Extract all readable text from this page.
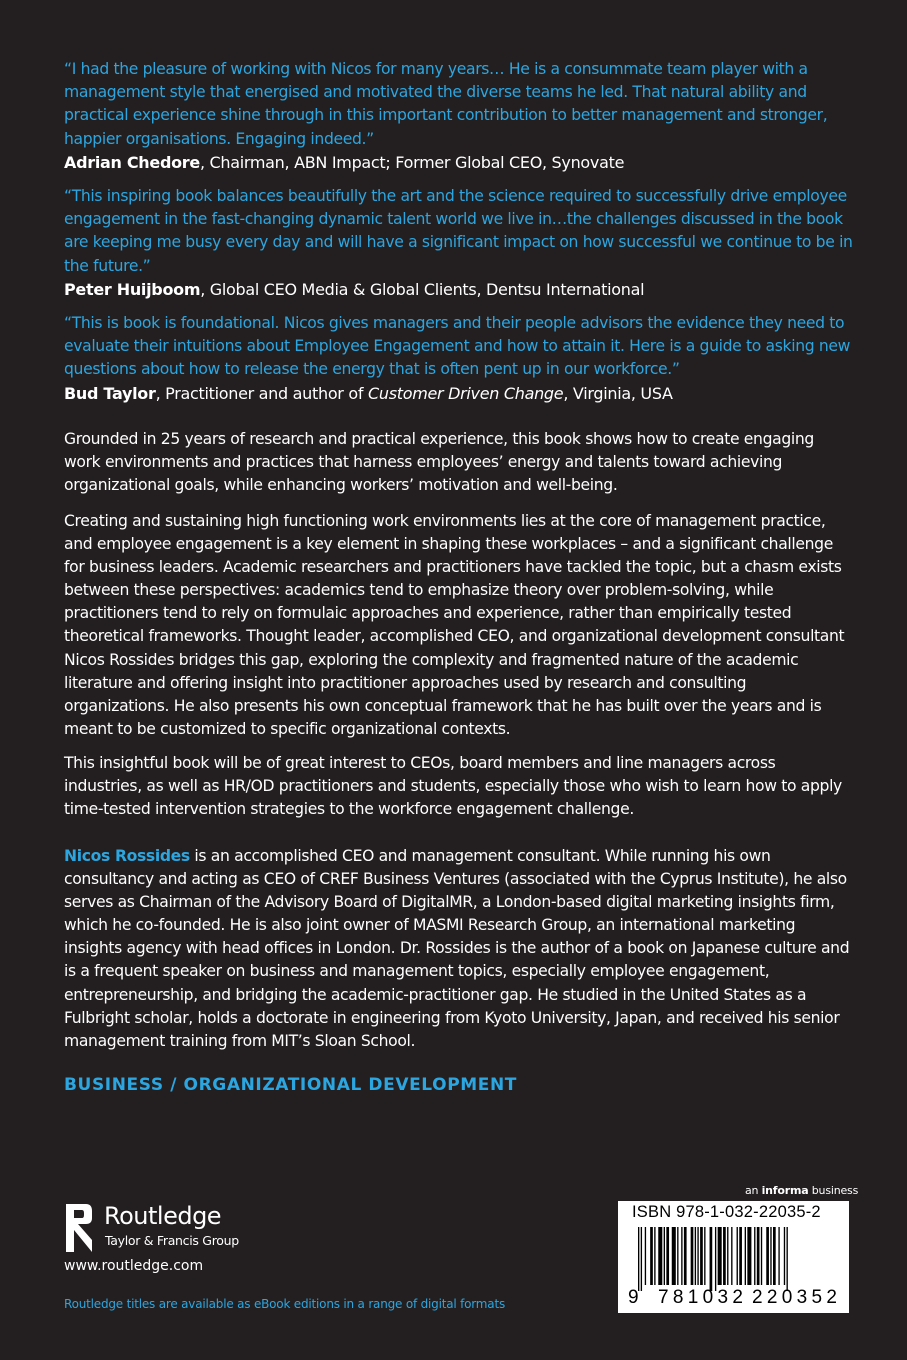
“I had the pleasure of working with Nicos for many years… He is a consummate team player with a management style that energised and motivated the diverse teams he led. That natural ability and practical experience shine through in this important contribution to better management and stronger, happier organisations. Engaging indeed.”

Adrian Chedore, Chairman, ABN Impact; Former Global CEO, Synovate

“This inspiring book balances beautifully the art and the science required to successfully drive employee engagement in the fast-changing dynamic talent world we live in…the challenges discussed in the book are keeping me busy every day and will have a significant impact on how successful we continue to be in the future.”

Peter Huijboom, Global CEO Media & Global Clients, Dentsu International

“This is book is foundational. Nicos gives managers and their people advisors the evidence they need to evaluate their intuitions about Employee Engagement and how to attain it. Here is a guide to asking new questions about how to release the energy that is often pent up in our workforce.”

Bud Taylor, Practitioner and author of Customer Driven Change, Virginia, USA

Grounded in 25 years of research and practical experience, this book shows how to create engaging work environments and practices that harness employees’ energy and talents toward achieving organizational goals, while enhancing workers’ motivation and well-being.

Creating and sustaining high functioning work environments lies at the core of management practice, and employee engagement is a key element in shaping these workplaces – and a significant challenge for business leaders. Academic researchers and practitioners have tackled the topic, but a chasm exists between these perspectives: academics tend to emphasize theory over problem-solving, while practitioners tend to rely on formulaic approaches and experience, rather than empirically tested theoretical frameworks. Thought leader, accomplished CEO, and organizational development consultant Nicos Rossides bridges this gap, exploring the complexity and fragmented nature of the academic literature and offering insight into practitioner approaches used by research and consulting organizations. He also presents his own conceptual framework that he has built over the years and is meant to be customized to specific organizational contexts.

This insightful book will be of great interest to CEOs, board members and line managers across industries, as well as HR/OD practitioners and students, especially those who wish to learn how to apply time-tested intervention strategies to the workforce engagement challenge.

Nicos Rossides is an accomplished CEO and management consultant. While running his own consultancy and acting as CEO of CREF Business Ventures (associated with the Cyprus Institute), he also serves as Chairman of the Advisory Board of DigitalMR, a London-based digital marketing insights firm, which he co-founded. He is also joint owner of MASMI Research Group, an international marketing insights agency with head offices in London. Dr. Rossides is the author of a book on Japanese culture and is a frequent speaker on business and management topics, especially employee engagement, entrepreneurship, and bridging the academic-practitioner gap. He studied in the United States as a Fulbright scholar, holds a doctorate in engineering from Kyoto University, Japan, and received his senior management training from MIT’s Sloan School.

BUSINESS / ORGANIZATIONAL DEVELOPMENT
Routledge
Taylor & Francis Group
www.routledge.com
Routledge titles are available as eBook editions in a range of digital formats
an informa business
ISBN 978-1-032-22035-2
9 781032 220352
